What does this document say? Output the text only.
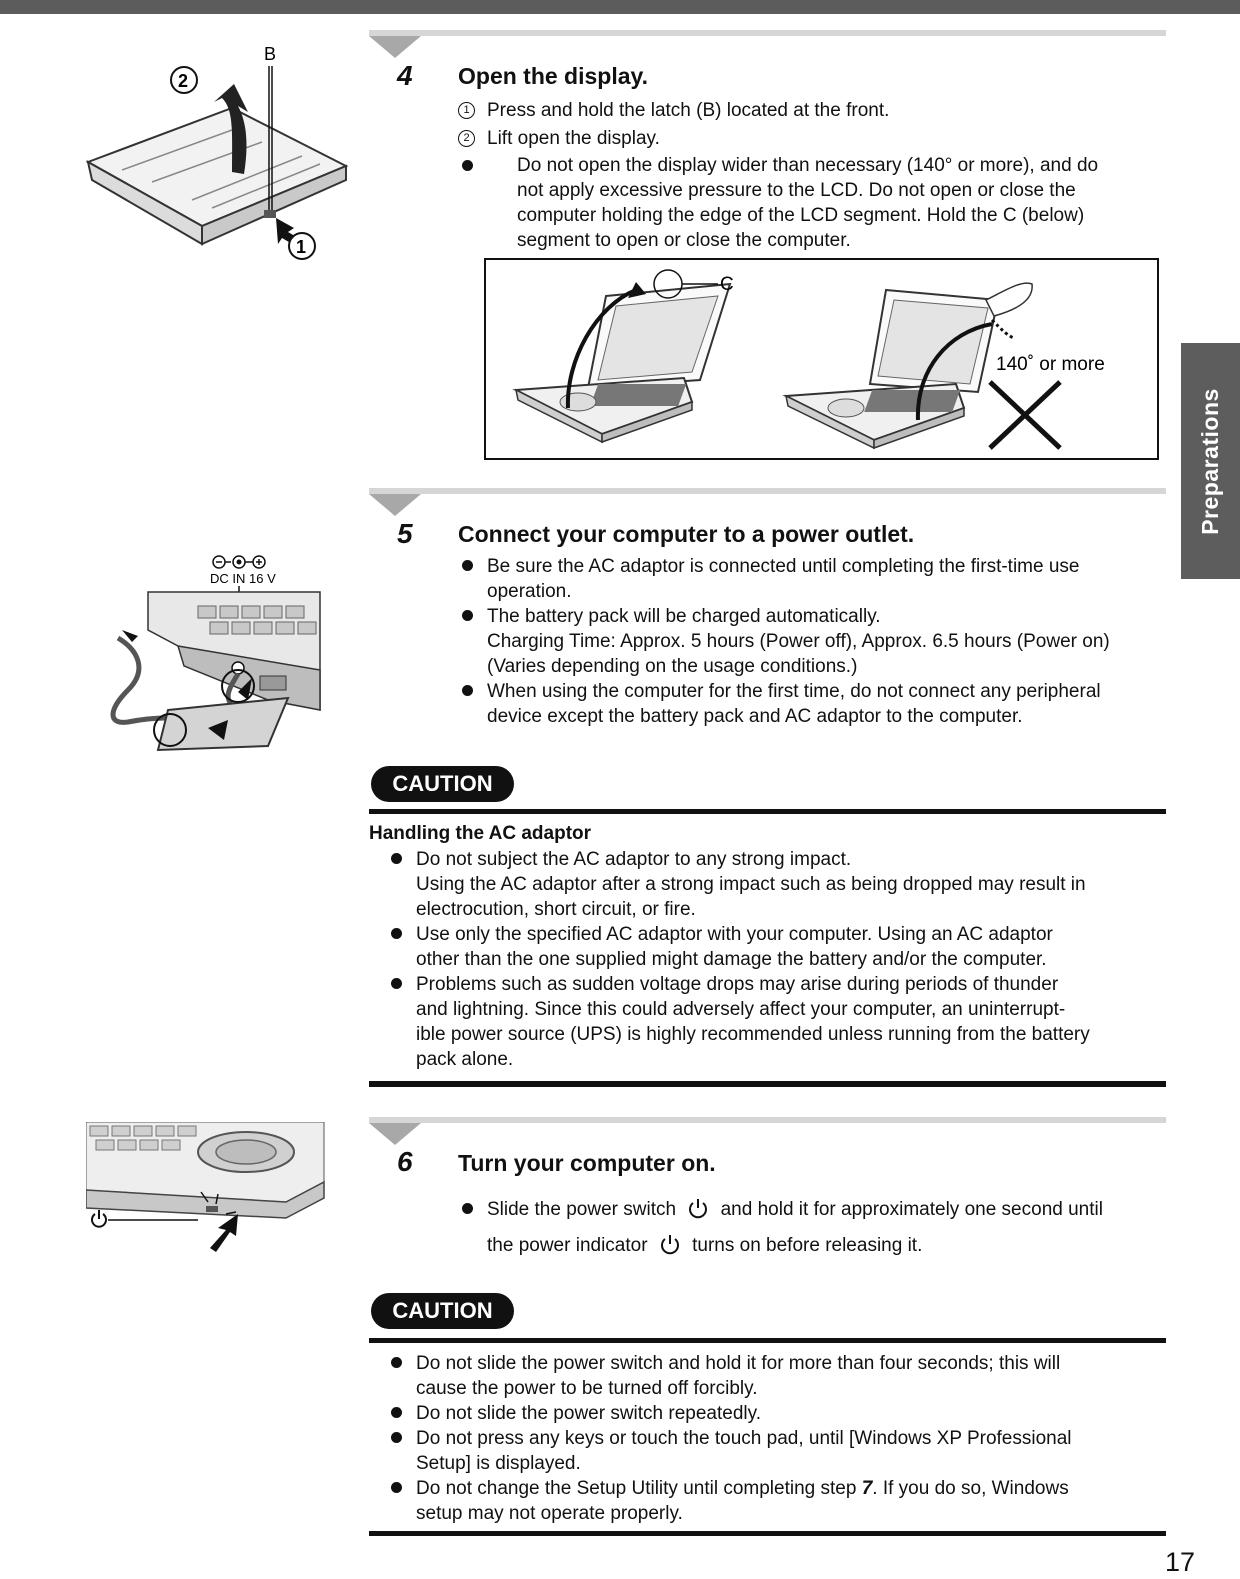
Preparations
4 Open the display.
1 Press and hold the latch (B) located at the front.
2 Lift open the display.
Do not open the display wider than necessary (140° or more), and do
not apply excessive pressure to the LCD. Do not open or close the
computer holding the edge of the LCD segment. Hold the C (below)
segment to open or close the computer.
B
2
1
C
140˚ or more
5 Connect your computer to a power outlet.
Be sure the AC adaptor is connected until completing the first-time use
operation.
The battery pack will be charged automatically.
Charging Time: Approx. 5 hours (Power off), Approx. 6.5 hours (Power on)
(Varies depending on the usage conditions.)
When using the computer for the first time, do not connect any peripheral
device except the battery pack and AC adaptor to the computer.
DC IN 16 V
CAUTION
Handling the AC adaptor
Do not subject the AC adaptor to any strong impact.
Using the AC adaptor after a strong impact such as being dropped may result in
electrocution, short circuit, or fire.
Use only the specified AC adaptor with your computer. Using an AC adaptor
other than the one supplied might damage the battery and/or the computer.
Problems such as sudden voltage drops may arise during periods of thunder
and lightning. Since this could adversely affect your computer, an uninterrupt-
ible power source (UPS) is highly recommended unless running from the battery
pack alone.
6 Turn your computer on.
Slide the power switch and hold it for approximately one second until
the power indicator turns on before releasing it.
CAUTION
Do not slide the power switch and hold it for more than four seconds; this will
cause the power to be turned off forcibly.
Do not slide the power switch repeatedly.
Do not press any keys or touch the touch pad, until [Windows XP Professional
Setup] is displayed.
Do not change the Setup Utility until completing step 7. If you do so, Windows
setup may not operate properly.
17
